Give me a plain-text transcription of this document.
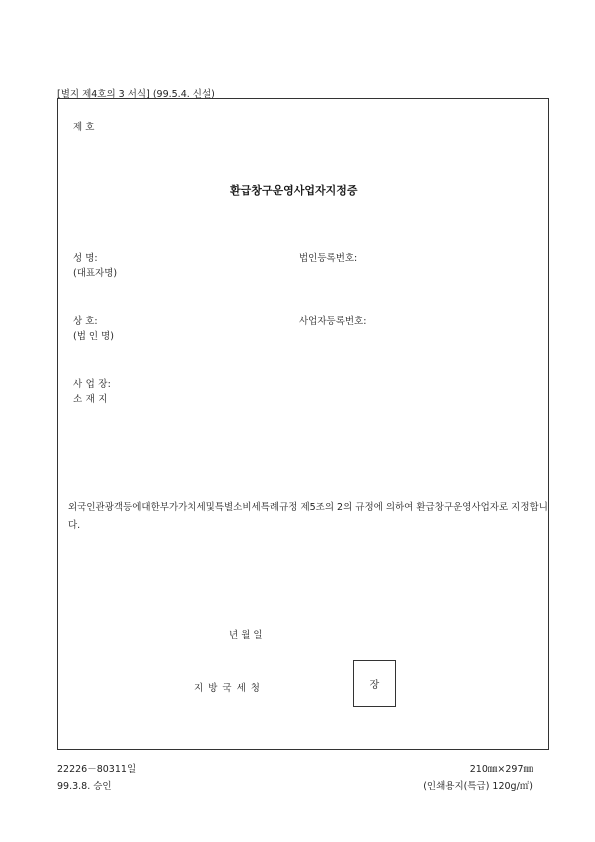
[별지 제4호의 3 서식] (99.5.4. 신설)
제 호
환급창구운영사업자지정증
성 명:
(대표자명)
법인등록번호:
상 호:
(법 인 명)
사업자등록번호:
사 업 장:
소 재 지
외국인관광객등에대한부가가치세및특별소비세특례규정 제5조의 2의 규정에 의하여 환급창구운영사업자로 지정합니다.
년 월 일
지 방 국 세 청	장
22226－80311일
99.3.8. 승인
210㎜×297㎜
(인쇄용지(특급) 120g/㎡)
